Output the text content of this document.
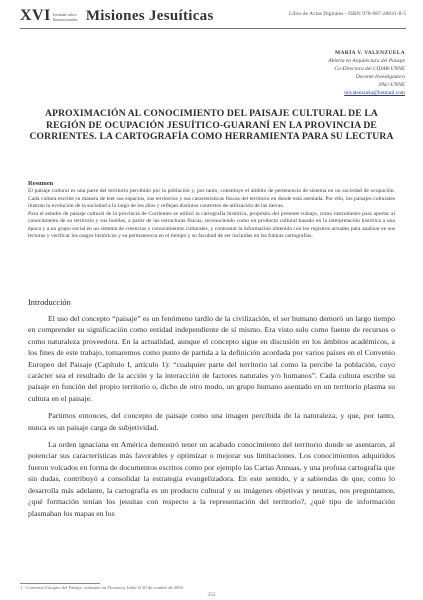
XVI Jornadas sobre Internacionales Misiones Jesuíticas	Libro de Actas Digitales - ISBN 978-987-28041-8-5
MARÍA V. VALENZUELA
Abierta en Arquitectura del Paisaje
Co-Directora del CIDAR-UNNE
Docente Investigadora
FAU-UNNE
mivalenzuela@hotmail.com
APROXIMACIÓN AL CONOCIMIENTO DEL PAISAJE CULTURAL DE LA REGIÓN DE OCUPACIÓN JESUÍTICO-GUARANÍ EN LA PROVINCIA DE CORRIENTES. LA CARTOGRAFÍA COMO HERRAMIENTA PARA SU LECTURA
Resumen

El paisaje cultural es una parte del territorio percibido por la población y, por tanto, constituye el ámbito de pertenencia de sistema en un sociedad de ocupación. Cada cultura escribe su manera de leer sus espacios, sus territorios y sus características físicas del territorio en donde está asentada. Por ello, los paisajes culturales ilustran la evolución de la sociedad a lo largo de los años y reflejan distintos contextos de utilización de las tierras.

Para el estudio de paisaje cultural de la provincia de Corrientes se utilizó la cartografía histórica, propósito del presente trabajo, como instrumento para aportar al conocimiento de su territorio y sus huellas, a partir de las estructuras físicas, reconociendo como un producto cultural basado en la interpretación histórica a una época y a un grupo social en un sistema de creencias y conocimientos culturales, y contrastar la información obtenida con los registros actuales para analizar en sus lecturas y verificar los rasgos históricos y su permanencia en el tiempo y su facultad de ser incluidas en las futuras cartografías.

Introducción

El uso del concepto “paisaje” es un fenómeno tardío de la civilización, el ser humano demoró un largo tiempo en comprender su significación como entidad independiente de sí mismo. Era visto solo como fuente de recursos o como naturaleza proveedora. En la actualidad, aunque el concepto sigue en discusión en los ámbitos académicos, a los fines de este trabajo, tomaremos como punto de partida a la definición acordada por varios países en el Convenio Europeo del Paisaje (Capítulo I, artículo 1): “cualquier parte del territorio tal como la percibe la población, cuyo carácter sea el resultado de la acción y la interacción de factores naturales y/o humanos”. Cada cultura escribe su paisaje en función del propio territorio o, dicho de otro modo, un grupo humano asentado en un territorio plasma su cultura en el paisaje.

Partimos entonces, del concepto de paisaje como una imagen percibida de la naturaleza, y que, por tanto, nunca es un paisaje carga de subjetividad.

La orden ignaciana en América demostró tener un acabado conocimiento del territorio donde se asentaron, al potenciar sus características más favorables y optimizar o mejorar sus limitaciones. Los conocimientos adquiridos fueron volcados en forma de documentos escritos como por ejemplo las Cartas Annuas, y una profusa cartografía que sin dudas, contribuyó a consolidar la estrategia evangelizadora. En este sentido, y a sabiendas de que, como lo desarrolla más adelante, la cartografía es un producto cultural y su imágenes objetivas y neutras, nos preguntamos, ¿qué formación tenían los jesuitas con respecto a la representación del territorio?, ¿qué tipo de información plasmaban los mapas en los

1 - Convenio Europeo del Paisaje, realizado en Florencia, Italia el 20 de octubre de 2000.
352
